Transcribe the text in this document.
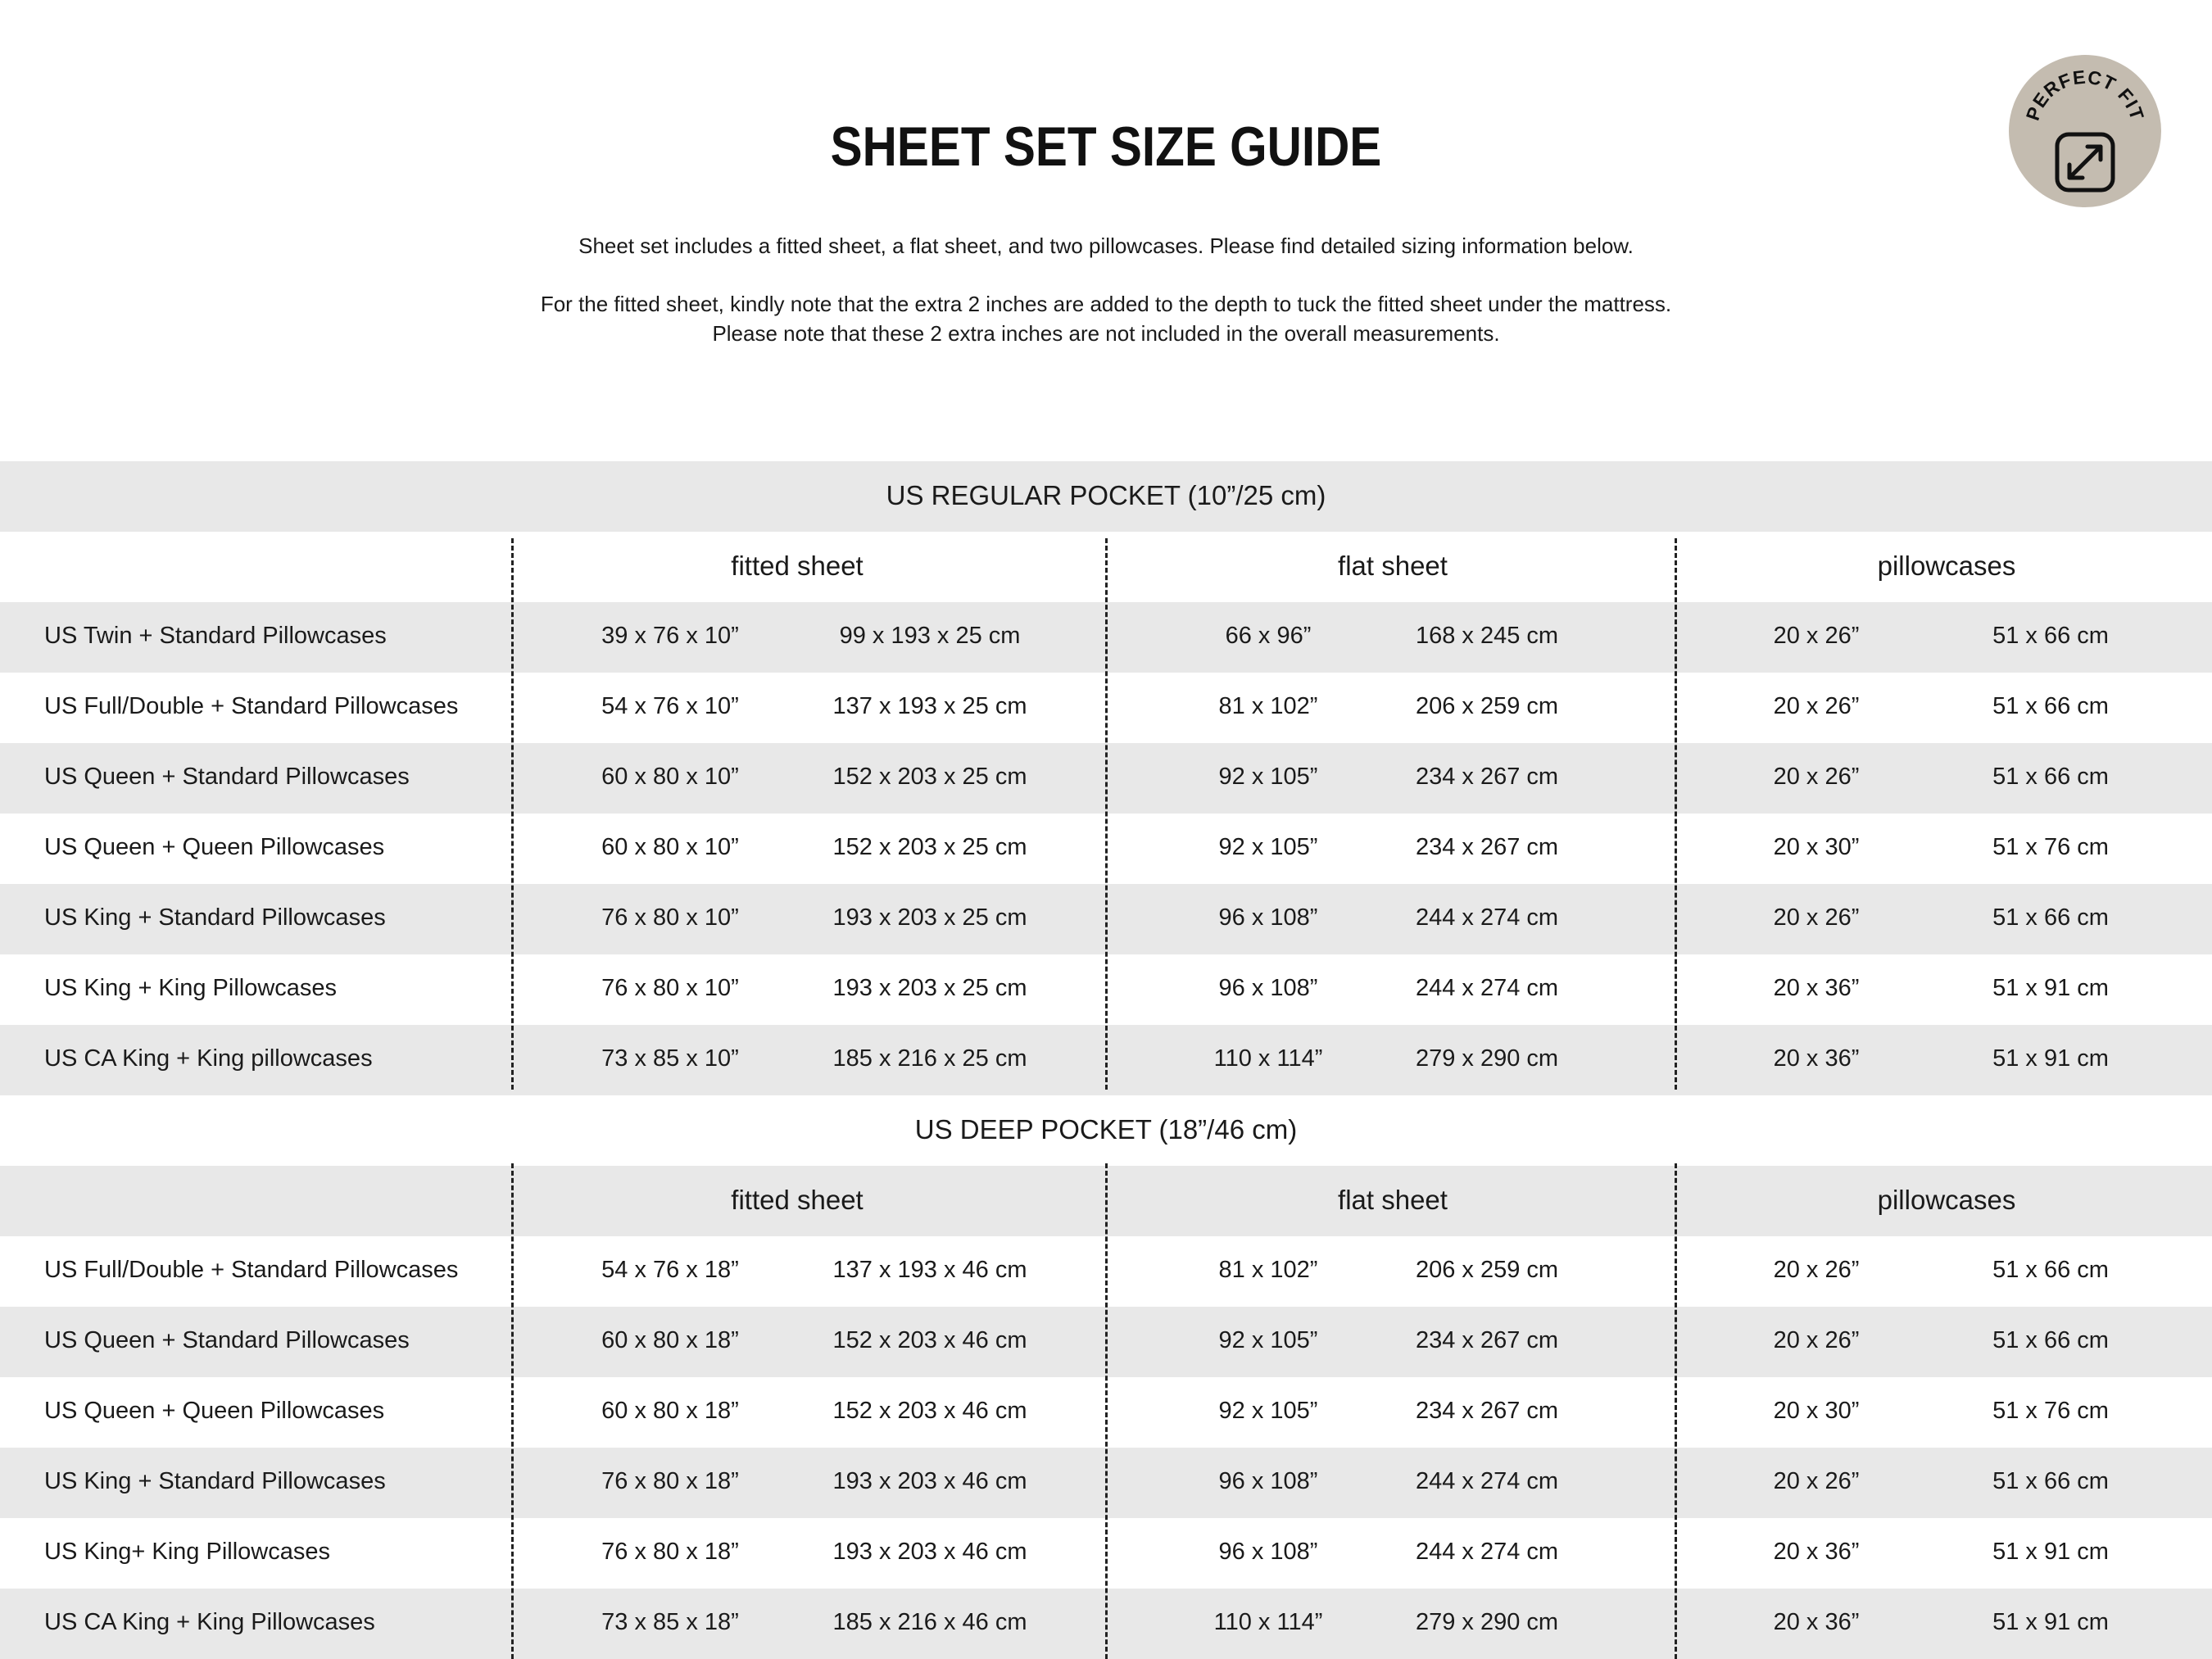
SHEET SET SIZE GUIDE
Sheet set includes a fitted sheet, a flat sheet, and two pillowcases. Please find detailed sizing information below.
For the fitted sheet, kindly note that the extra 2 inches are added to the depth to tuck the fitted sheet under the mattress.
Please note that these 2 extra inches are not included in the overall measurements.
PERFECT FIT
US REGULAR POCKET (10”/25 cm)
fitted sheet	flat sheet	pillowcases
US Twin + Standard Pillowcases	39 x 76 x 10”	99 x 193 x 25 cm	66 x 96”	168 x 245 cm	20 x 26”	51 x 66 cm
US Full/Double + Standard Pillowcases	54 x 76 x 10”	137 x 193 x 25 cm	81 x 102”	206 x 259 cm	20 x 26”	51 x 66 cm
US Queen + Standard Pillowcases	60 x 80 x 10”	152 x 203 x 25 cm	92 x 105”	234 x 267 cm	20 x 26”	51 x 66 cm
US Queen + Queen Pillowcases	60 x 80 x 10”	152 x 203 x 25 cm	92 x 105”	234 x 267 cm	20 x 30”	51 x 76 cm
US King + Standard Pillowcases	76 x 80 x 10”	193 x 203 x 25 cm	96 x 108”	244 x 274 cm	20 x 26”	51 x 66 cm
US King + King Pillowcases	76 x 80 x 10”	193 x 203 x 25 cm	96 x 108”	244 x 274 cm	20 x 36”	51 x 91 cm
US CA King + King pillowcases	73 x 85 x 10”	185 x 216 x 25 cm	110 x 114”	279 x 290 cm	20 x 36”	51 x 91 cm
US DEEP POCKET (18”/46 cm)
fitted sheet	flat sheet	pillowcases
US Full/Double + Standard Pillowcases	54 x 76 x 18”	137 x 193 x 46 cm	81 x 102”	206 x 259 cm	20 x 26”	51 x 66 cm
US Queen + Standard Pillowcases	60 x 80 x 18”	152 x 203 x 46 cm	92 x 105”	234 x 267 cm	20 x 26”	51 x 66 cm
US Queen + Queen Pillowcases	60 x 80 x 18”	152 x 203 x 46 cm	92 x 105”	234 x 267 cm	20 x 30”	51 x 76 cm
US King + Standard Pillowcases	76 x 80 x 18”	193 x 203 x 46 cm	96 x 108”	244 x 274 cm	20 x 26”	51 x 66 cm
US King+ King Pillowcases	76 x 80 x 18”	193 x 203 x 46 cm	96 x 108”	244 x 274 cm	20 x 36”	51 x 91 cm
US CA King + King Pillowcases	73 x 85 x 18”	185 x 216 x 46 cm	110 x 114”	279 x 290 cm	20 x 36”	51 x 91 cm
